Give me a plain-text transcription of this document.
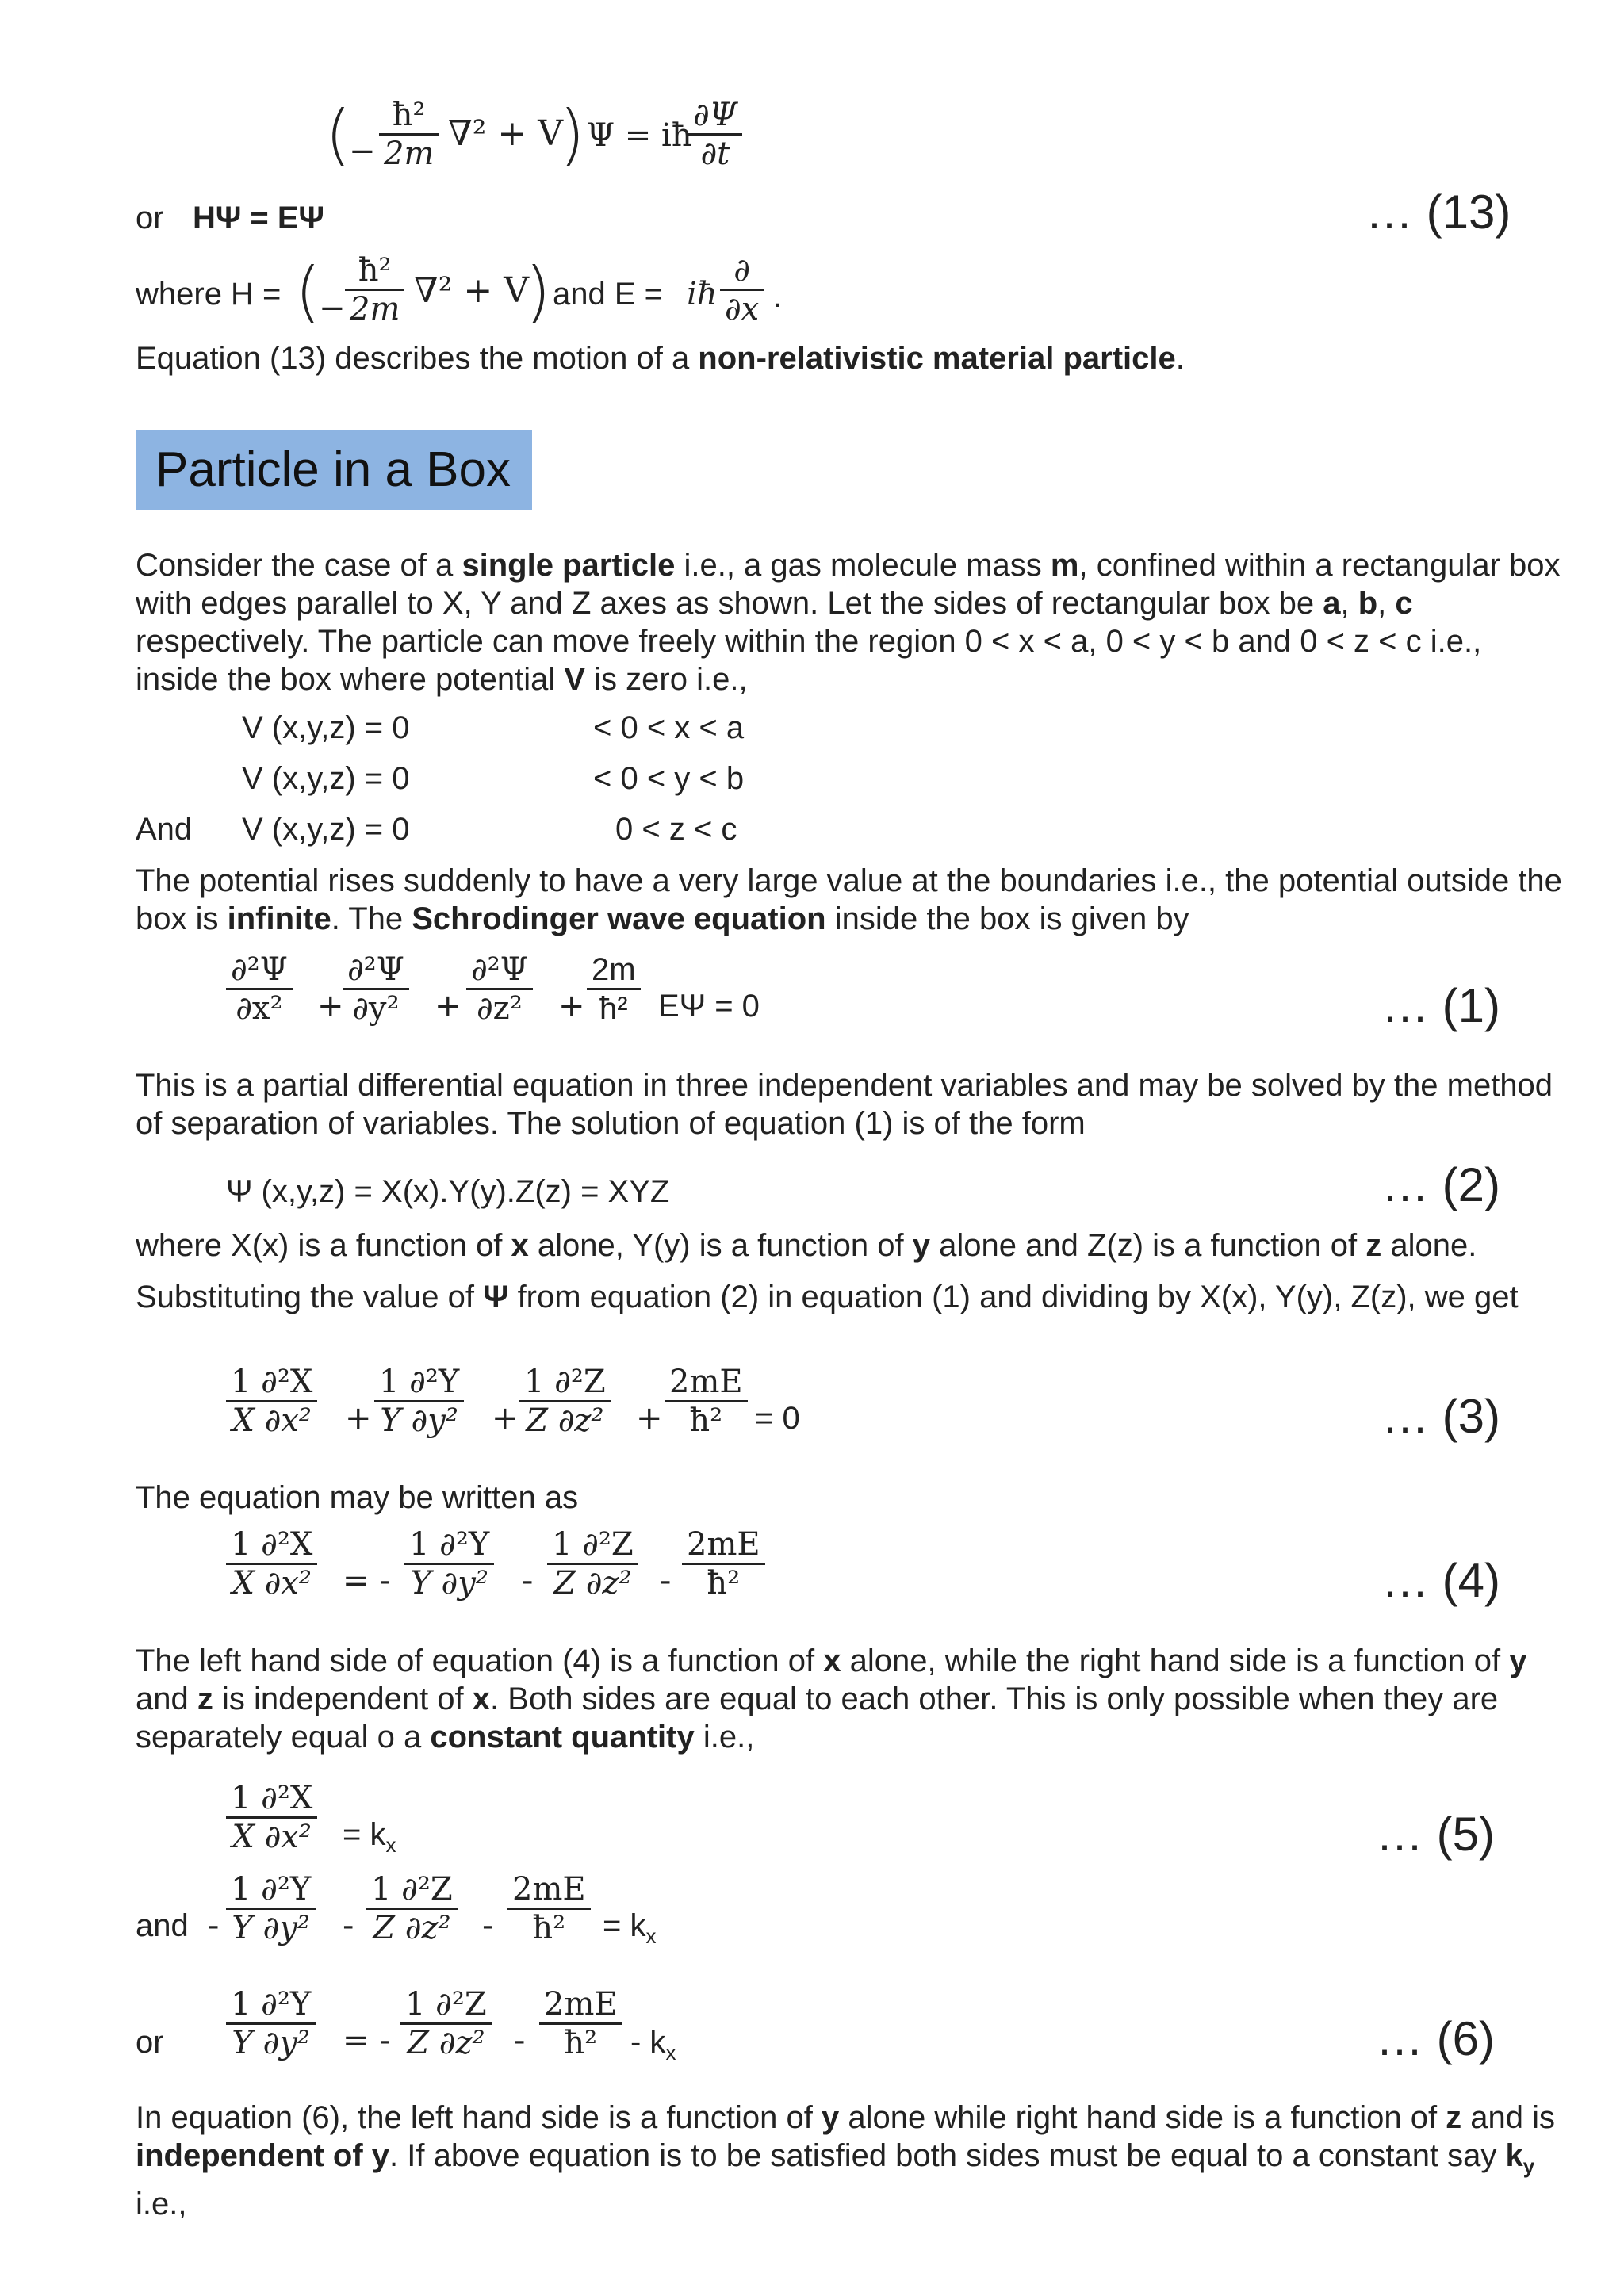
(
−
ħ²
2m ∇² + V
) Ψ = iħ
∂Ψ
∂t
or HΨ = EΨ	… (13)
where H = (
−
ħ²
2m ∇² + V
) and E = iħ
∂
∂x .
Equation (13) describes the motion of a non-relativistic material particle.
Particle in a Box
Consider the case of a single particle i.e., a gas molecule mass m, confined within a rectangular box with edges parallel to X, Y and Z axes as shown. Let the sides of rectangular box be a, b, c respectively. The particle can move freely within the region 0 < x < a, 0 < y < b and 0 < z < c i.e., inside the box where potential V is zero i.e.,
V (x,y,z) = 0	< 0 < x < a
V (x,y,z) = 0	< 0 < y < b
And V (x,y,z) = 0	0 < z < c
The potential rises suddenly to have a very large value at the boundaries i.e., the potential outside the box is infinite. The Schrodinger wave equation inside the box is given by
∂²Ψ
∂x² +
∂²Ψ
∂y² +
∂²Ψ
∂z² +
2m
ħ² EΨ = 0	… (1)
This is a partial differential equation in three independent variables and may be solved by the method of separation of variables. The solution of equation (1) is of the form
Ψ (x,y,z) = X(x).Y(y).Z(z) = XYZ	… (2)
where X(x) is a function of x alone, Y(y) is a function of y alone and Z(z) is a function of z alone.
Substituting the value of Ψ from equation (2) in equation (1) and dividing by X(x), Y(y), Z(z), we get
1 ∂²X
X ∂x² +
1 ∂²Y
Y ∂y² +
1 ∂²Z
Z ∂z² +
2mE
ħ² = 0	… (3)
The equation may be written as
1 ∂²X
X ∂x² = -
1 ∂²Y
Y ∂y² -
1 ∂²Z
Z ∂z² -
2mE
ħ²	… (4)
The left hand side of equation (4) is a function of x alone, while the right hand side is a function of y and z is independent of x. Both sides are equal to each other. This is only possible when they are separately equal o a constant quantity i.e.,
1 ∂²X
X $\partial x^2 = k_x$	… (5)
and -
1 ∂²Y
Y ∂y² -
1 ∂²Z
Z ∂z² -
2mE
ħ² = $k_x$
or
1 ∂²Y
Y ∂y² = -
1 ∂²Z
Z ∂z² -
2mE
ħ² - $k_x$	… (6)
In equation (6), the left hand side is a function of y alone while right hand side is a function of z and is independent of y. If above equation is to be satisfied both sides must be equal to a constant say $k_y$ i.e.,
